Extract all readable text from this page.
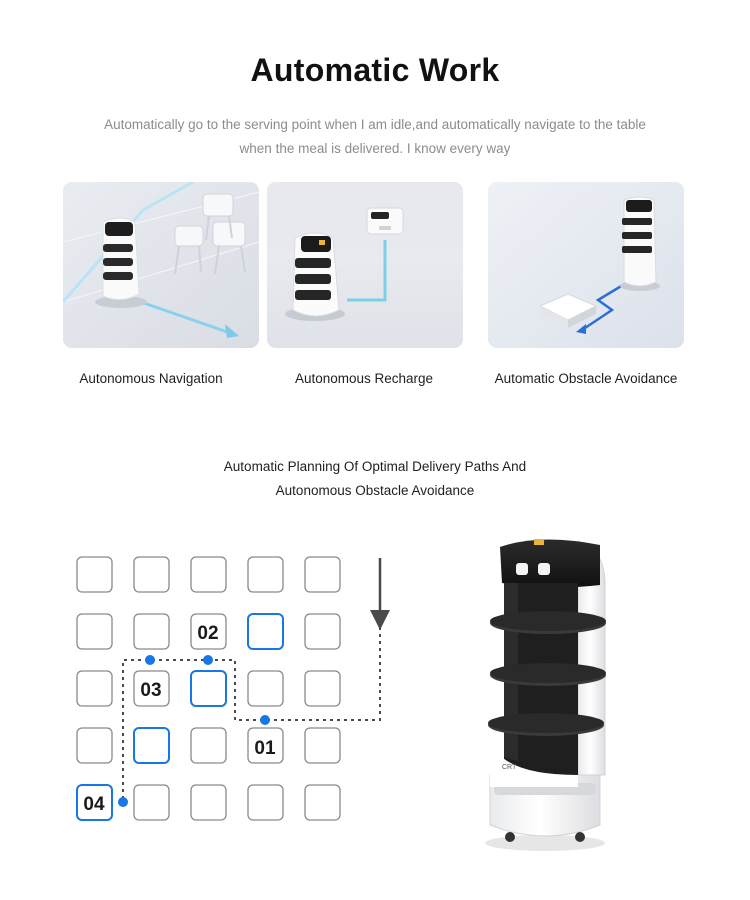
Automatic Work
Automatically go to the serving point when I am idle,and automatically navigate to the table when the meal is delivered. I know every way
Autonomous Navigation	Autonomous Recharge	Automatic Obstacle Avoidance
Automatic Planning Of Optimal Delivery Paths And
Autonomous Obstacle Avoidance
01
02
03
04
CRT
